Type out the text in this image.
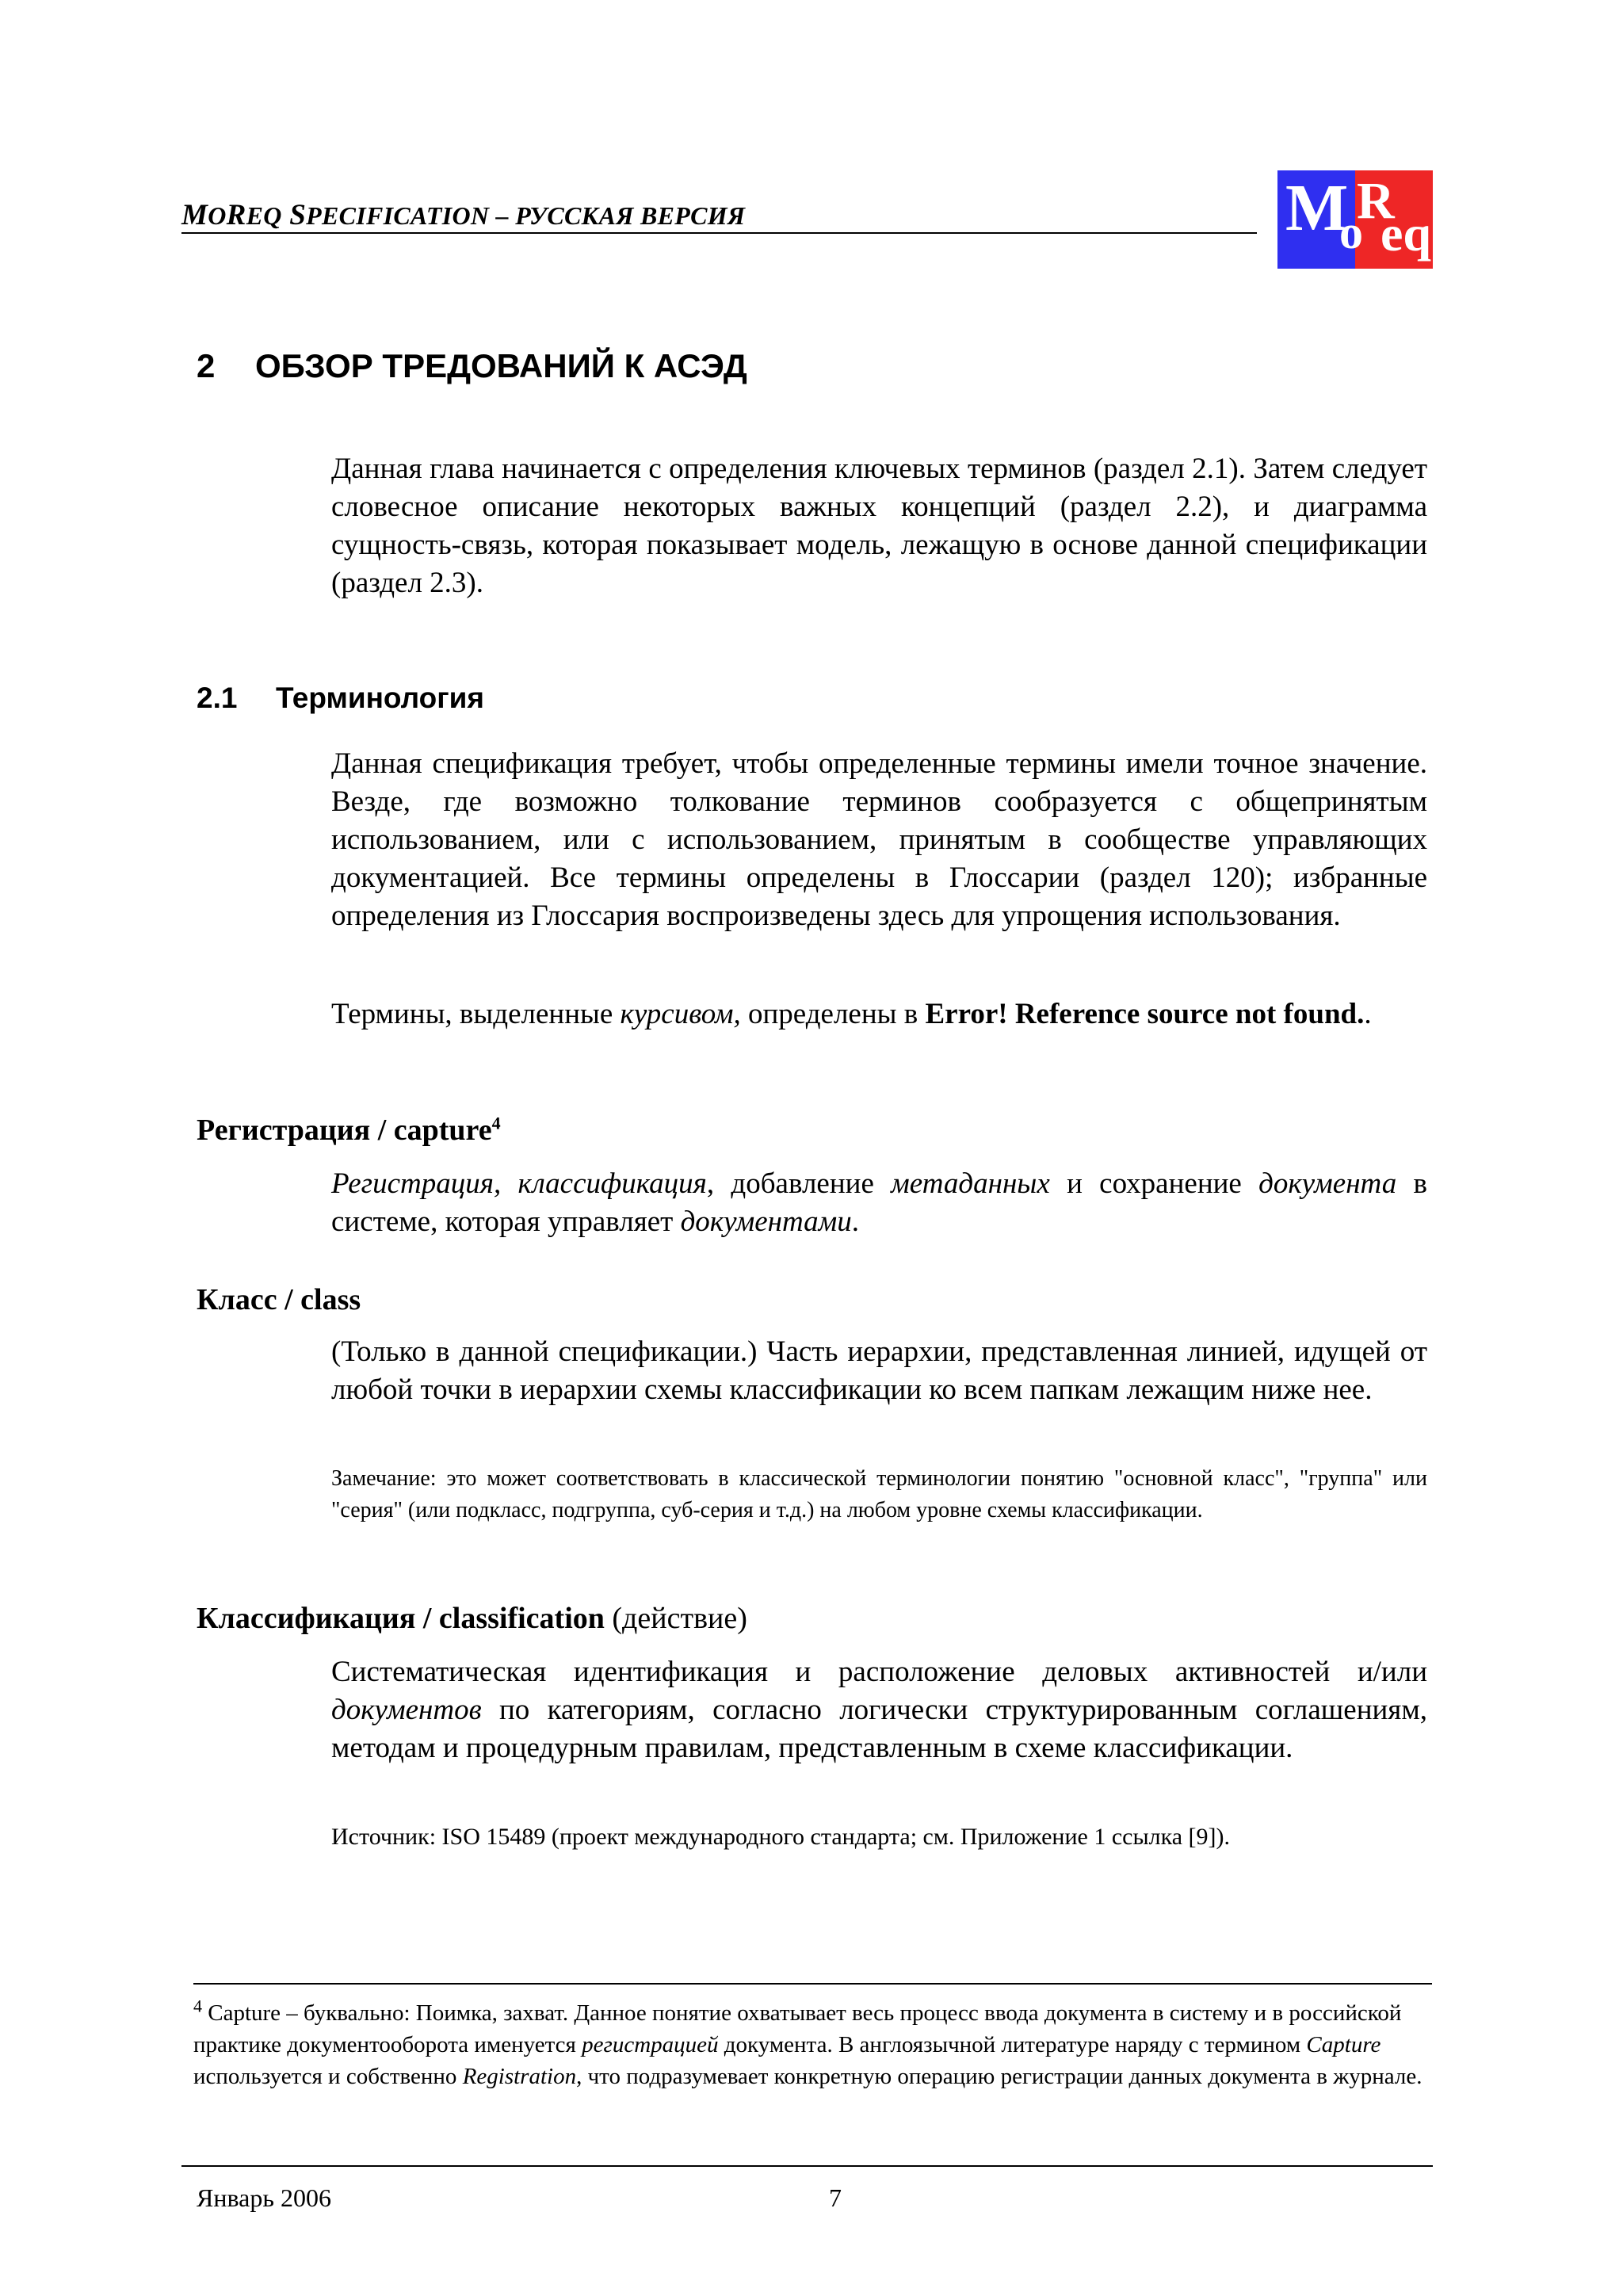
MOREQ SPECIFICATION – РУССКАЯ ВЕРСИЯ	M
o
R
eq
2 ОБЗОР ТРЕДОВАНИЙ К АСЭД
Данная глава начинается с определения ключевых терминов (раздел 2.1). Затем следует словесное описание некоторых важных концепций (раздел 2.2), и диаграмма сущность-связь, которая показывает модель, лежащую в основе данной спецификации (раздел 2.3).
2.1 Терминология
Данная спецификация требует, чтобы определенные термины имели точное значение. Везде, где возможно толкование терминов сообразуется с общепринятым использованием, или с использованием, принятым в сообществе управляющих документацией. Все термины определены в Глоссарии (раздел 120); избранные определения из Глоссария воспроизведены здесь для упрощения использования.
Термины, выделенные курсивом, определены в Error! Reference source not found..
Регистрация / capture$^4$
Регистрация, классификация, добавление метаданных и сохранение документа в системе, которая управляет документами.
Класс / class
(Только в данной спецификации.) Часть иерархии, представленная линией, идущей от любой точки в иерархии схемы классификации ко всем папкам лежащим ниже нее.
Замечание: это может соответствовать в классической терминологии понятию "основной класс", "группа" или "серия" (или подкласс, подгруппа, суб-серия и т.д.) на любом уровне схемы классификации.
Классификация / classification (действие)
Систематическая идентификация и расположение деловых активностей и/или документов по категориям, согласно логически структурированным соглашениям, методам и процедурным правилам, представленным в схеме классификации.
Источник: ISO 15489 (проект международного стандарта; см. Приложение 1 ссылка [9]).
$^4$ Capture – буквально: Поимка, захват. Данное понятие охватывает весь процесс ввода документа в систему и в российской практике документооборота именуется регистрацией документа. В англоязычной литературе наряду с термином Capture используется и собственно Registration, что подразумевает конкретную операцию регистрации данных документа в журнале.
Январь 2006	7
